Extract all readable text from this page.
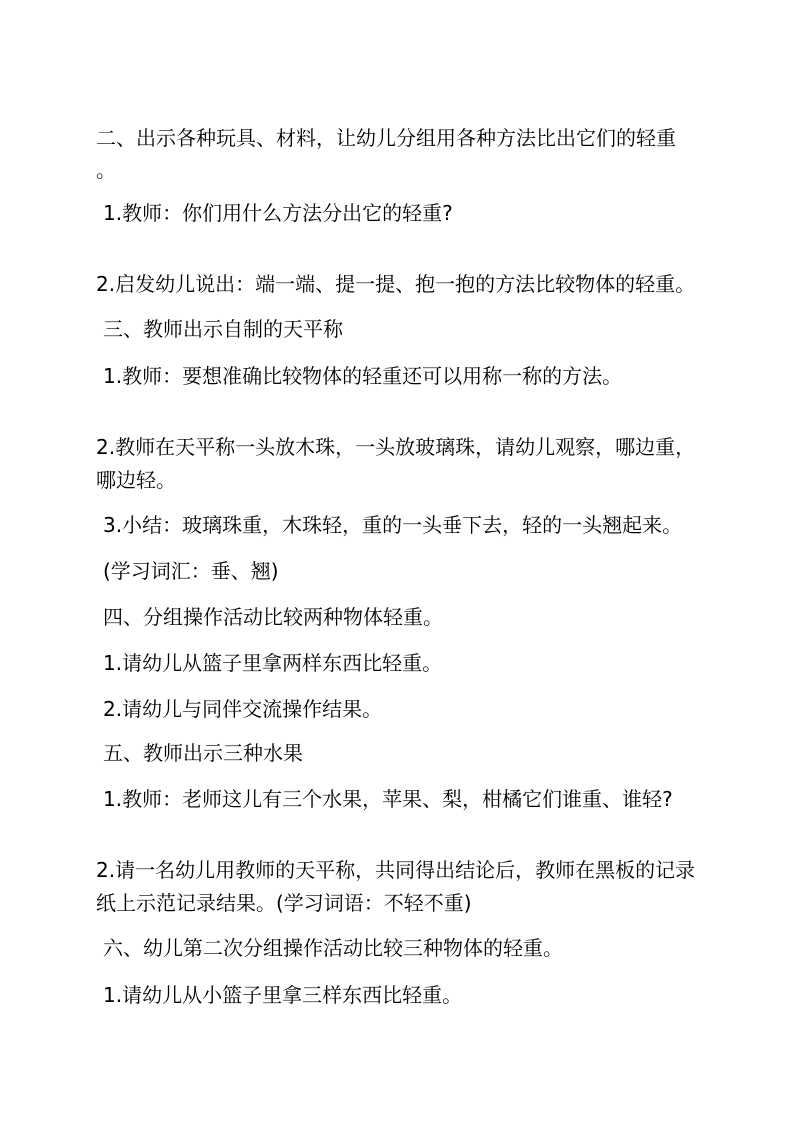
二、出示各种玩具、材料，让幼儿分组用各种方法比出它们的轻重
。
1.教师：你们用什么方法分出它的轻重?
2.启发幼儿说出：端一端、提一提、抱一抱的方法比较物体的轻重。
三、教师出示自制的天平称
1.教师：要想准确比较物体的轻重还可以用称一称的方法。
2.教师在天平称一头放木珠，一头放玻璃珠，请幼儿观察，哪边重，
哪边轻。
3.小结：玻璃珠重，木珠轻，重的一头垂下去，轻的一头翘起来。
(学习词汇：垂、翘)
四、分组操作活动比较两种物体轻重。
1.请幼儿从篮子里拿两样东西比轻重。
2.请幼儿与同伴交流操作结果。
五、教师出示三种水果
1.教师：老师这儿有三个水果，苹果、梨，柑橘它们谁重、谁轻?
2.请一名幼儿用教师的天平称，共同得出结论后，教师在黑板的记录
纸上示范记录结果。(学习词语：不轻不重)
六、幼儿第二次分组操作活动比较三种物体的轻重。
1.请幼儿从小篮子里拿三样东西比轻重。
